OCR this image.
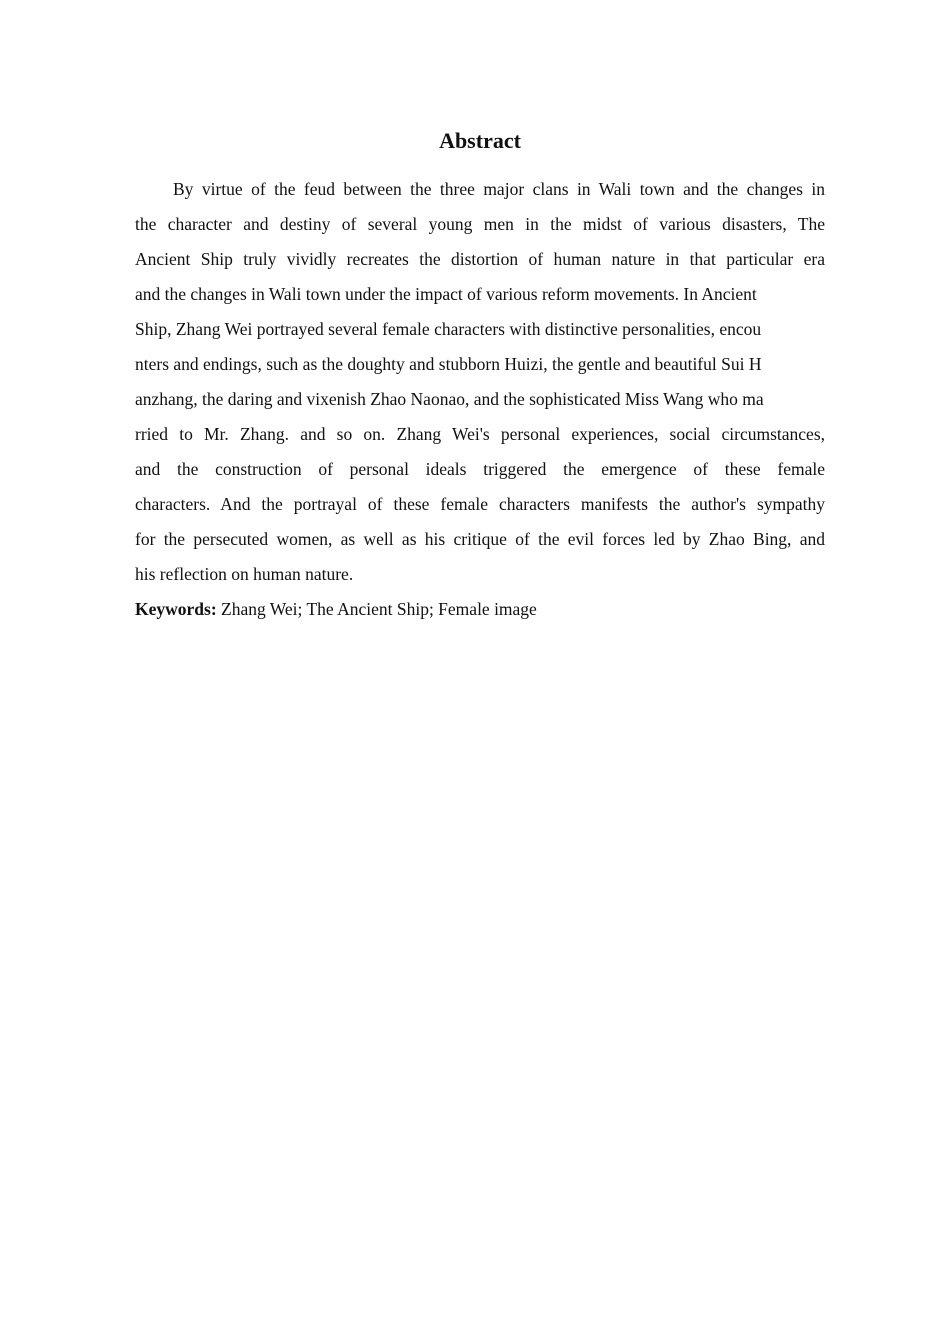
Abstract
By virtue of the feud between the three major clans in Wali town and the changes in
the character and destiny of several young men in the midst of various disasters, The
Ancient Ship truly vividly recreates the distortion of human nature in that particular era
and the changes in Wali town under the impact of various reform movements. In Ancient
Ship, Zhang Wei portrayed several female characters with distinctive personalities, encou
nters and endings, such as the doughty and stubborn Huizi, the gentle and beautiful Sui H
anzhang, the daring and vixenish Zhao Naonao, and the sophisticated Miss Wang who ma
rried to Mr. Zhang. and so on. Zhang Wei's personal experiences, social circumstances,
and the construction of personal ideals triggered the emergence of these female
characters. And the portrayal of these female characters manifests the author's sympathy
for the persecuted women, as well as his critique of the evil forces led by Zhao Bing, and
his reflection on human nature.
Keywords: Zhang Wei; The Ancient Ship; Female image
